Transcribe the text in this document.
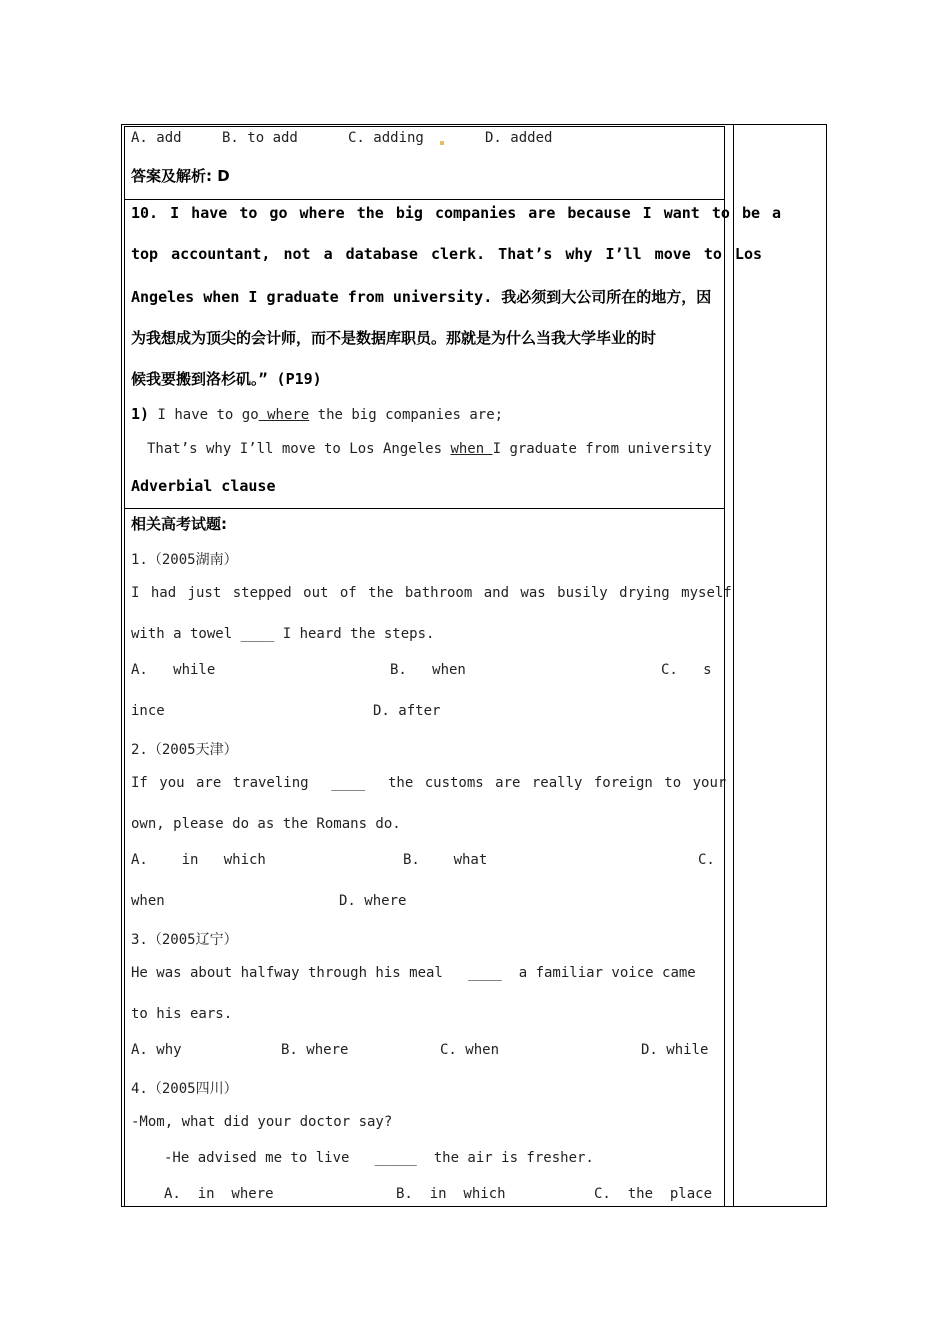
A. add	B. to add	C. adding	D. added
答案及解析: D
10. I have to go where the big companies are because I want to be a
top accountant, not a database clerk. That’s why I’ll move to Los
Angeles when I graduate from university. 我必须到大公司所在的地方，因
为我想成为顶尖的会计师，而不是数据库职员。那就是为什么当我大学毕业的时
候我要搬到洛杉矶。” (P19)
1) I have to go where the big companies are;
That’s why I’ll move to Los Angeles when I graduate from university
Adverbial clause
相关高考试题:
1.（2005湖南）
I had just stepped out of the bathroom and was busily drying myself
with a towel ____ I heard the steps.
A.   while	B.   when	C.   s
ince	D. after
2.（2005天津）
If you are traveling  ____  the customs are really foreign to your
own, please do as the Romans do.
A.    in   which	B.    what	C.
when	D. where
3.（2005辽宁）
He was about halfway through his meal   ____  a familiar voice came
to his ears.
A. why	B. where	C. when	D. while
4.（2005四川）
-Mom, what did your doctor say?
-He advised me to live   _____  the air is fresher.
A.  in  where	B.  in  which	C.  the  place
